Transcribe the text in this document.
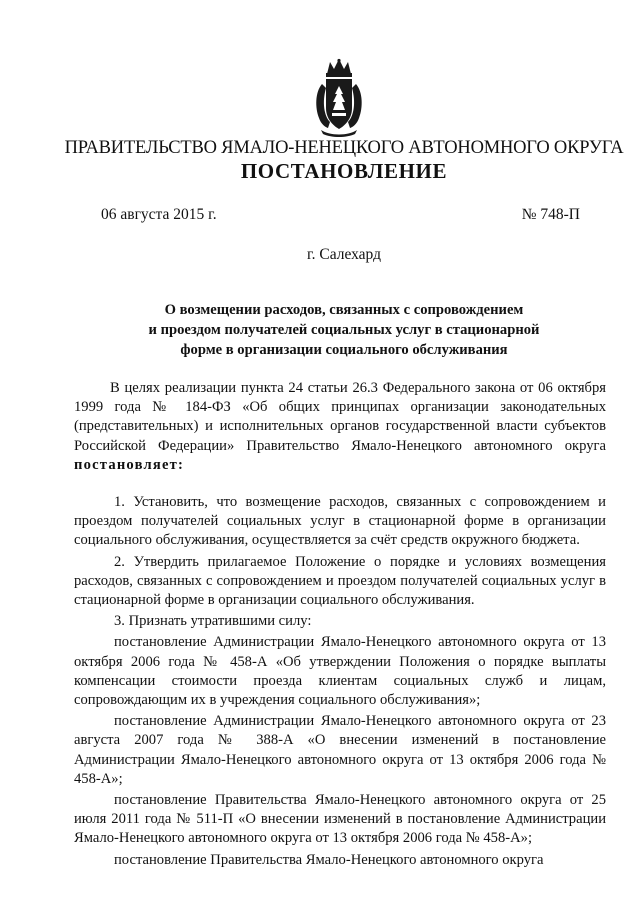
ПРАВИТЕЛЬСТВО ЯМАЛО-НЕНЕЦКОГО АВТОНОМНОГО ОКРУГА
ПОСТАНОВЛЕНИЕ
06 августа 2015 г.	№ 748-П
г. Салехард
О возмещении расходов, связанных с сопровождением
и проездом получателей социальных услуг в стационарной
форме в организации социального обслуживания

В целях реализации пункта 24 статьи 26.3 Федерального закона от 06 октября 1999 года № 184-ФЗ «Об общих принципах организации законодательных (представительных) и исполнительных органов государственной власти субъектов Российской Федерации» Правительство Ямало-Ненецкого автономного округа постановляет:

1. Установить, что возмещение расходов, связанных с сопровождением и проездом получателей социальных услуг в стационарной форме в организации социального обслуживания, осуществляется за счёт средств окружного бюджета.

2. Утвердить прилагаемое Положение о порядке и условиях возмещения расходов, связанных с сопровождением и проездом получателей социальных услуг в стационарной форме в организации социального обслуживания.

3. Признать утратившими силу:

постановление Администрации Ямало-Ненецкого автономного округа от 13 октября 2006 года № 458-А «Об утверждении Положения о порядке выплаты компенсации стоимости проезда клиентам социальных служб и лицам, сопровождающим их в учреждения социального обслуживания»;

постановление Администрации Ямало-Ненецкого автономного округа от 23 августа 2007 года № 388-А «О внесении изменений в постановление Администрации Ямало-Ненецкого автономного округа от 13 октября 2006 года № 458-А»;

постановление Правительства Ямало-Ненецкого автономного округа от 25 июля 2011 года № 511-П «О внесении изменений в постановление Администрации Ямало-Ненецкого автономного округа от 13 октября 2006 года № 458-А»;

постановление Правительства Ямало-Ненецкого автономного округа
